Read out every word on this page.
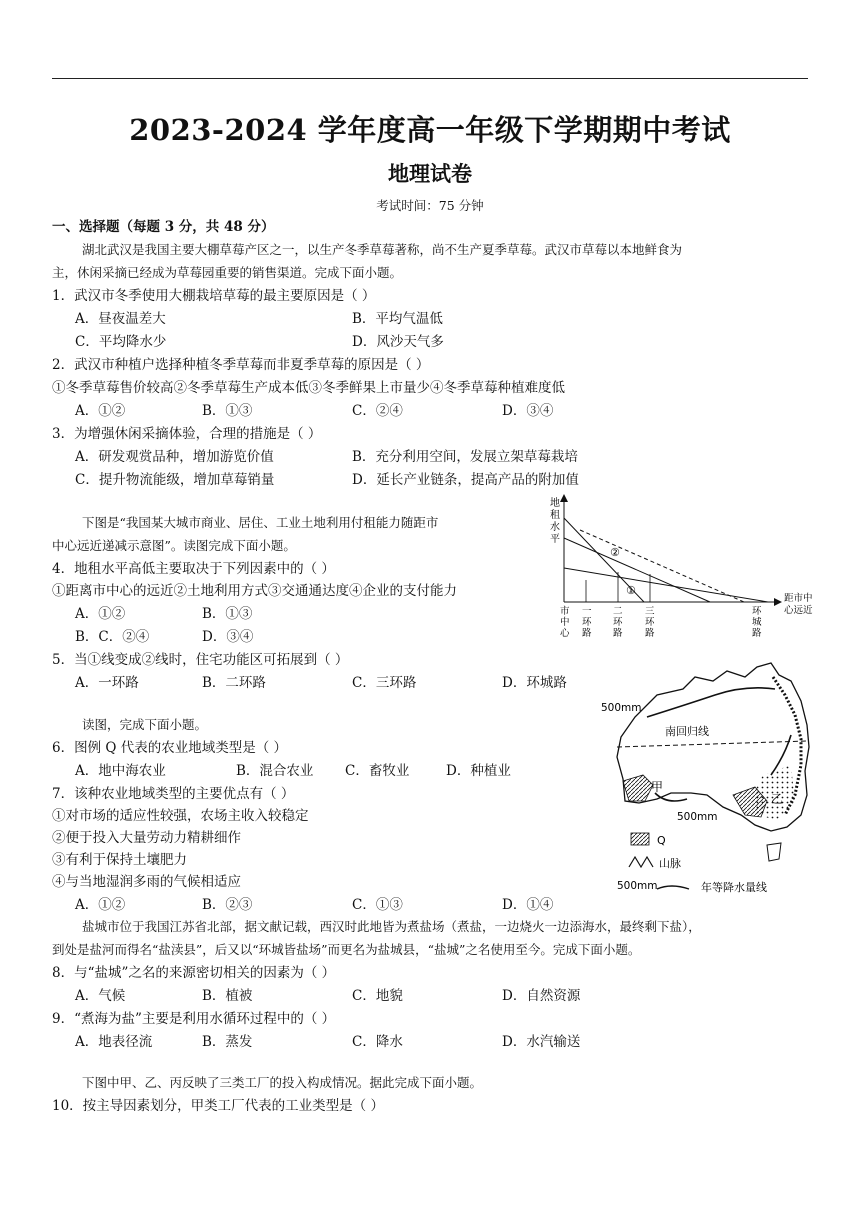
2023-2024 学年度高一年级下学期期中考试
地理试卷
考试时间：75 分钟
一、选择题（每题 3 分，共 48 分）
湖北武汉是我国主要大棚草莓产区之一，以生产冬季草莓著称，尚不生产夏季草莓。武汉市草莓以本地鲜食为
主，休闲采摘已经成为草莓园重要的销售渠道。完成下面小题。
1．武汉市冬季使用大棚栽培草莓的最主要原因是（ ）
A．昼夜温差大	B．平均气温低
C．平均降水少	D．风沙天气多
2．武汉市种植户选择种植冬季草莓而非夏季草莓的原因是（ ）
①冬季草莓售价较高②冬季草莓生产成本低③冬季鲜果上市量少④冬季草莓种植难度低
A．①②	B．①③	C．②④	D．③④
3．为增强休闲采摘体验，合理的措施是（ ）
A．研发观赏品种，增加游览价值	B．充分利用空间，发展立架草莓栽培
C．提升物流能级，增加草莓销量	D．延长产业链条，提高产品的附加值
下图是“我国某大城市商业、居住、工业土地利用付租能力随距市
中心远近递减示意图”。读图完成下面小题。
4．地租水平高低主要取决于下列因素中的（ ）
①距离市中心的远近②土地利用方式③交通通达度④企业的支付能力
A．①②	B．①③
B．C．②④	D．③④
5．当①线变成②线时，住宅功能区可拓展到（ ）
A．一环路	B．二环路	C．三环路	D．环城路
读图，完成下面小题。
6．图例 Q 代表的农业地域类型是（ ）
A．地中海农业	B．混合农业 C．畜牧业	D．种植业
7．该种农业地域类型的主要优点有（ ）
①对市场的适应性较强，农场主收入较稳定
②便于投入大量劳动力精耕细作
③有利于保持土壤肥力
④与当地湿润多雨的气候相适应
A．①②	B．②③	C．①③	D．①④
盐城市位于我国江苏省北部，据文献记载，西汉时此地皆为煮盐场（煮盐，一边烧火一边添海水，最终剩下盐），
到处是盐河而得名“盐渎县”，后又以“环城皆盐场”而更名为盐城县，“盐城”之名使用至今。完成下面小题。
8．与“盐城”之名的来源密切相关的因素为（ ）
A．气候	B．植被	C．地貌	D．自然资源
9．“煮海为盐”主要是利用水循环过程中的（ ）
A．地表径流	B．蒸发	C．降水	D．水汽输送
下图中甲、乙、丙反映了三类工厂的投入构成情况。据此完成下面小题。
10．按主导因素划分，甲类工厂代表的工业类型是（ ）
地
租
水
平
距市中
心远近
①
②
市
中
心
一
环
路
二
环
路
三
环
路
环
城
路
南回归线
500mm
500mm
甲
乙
Q
山脉
500mm	年等降水量线
